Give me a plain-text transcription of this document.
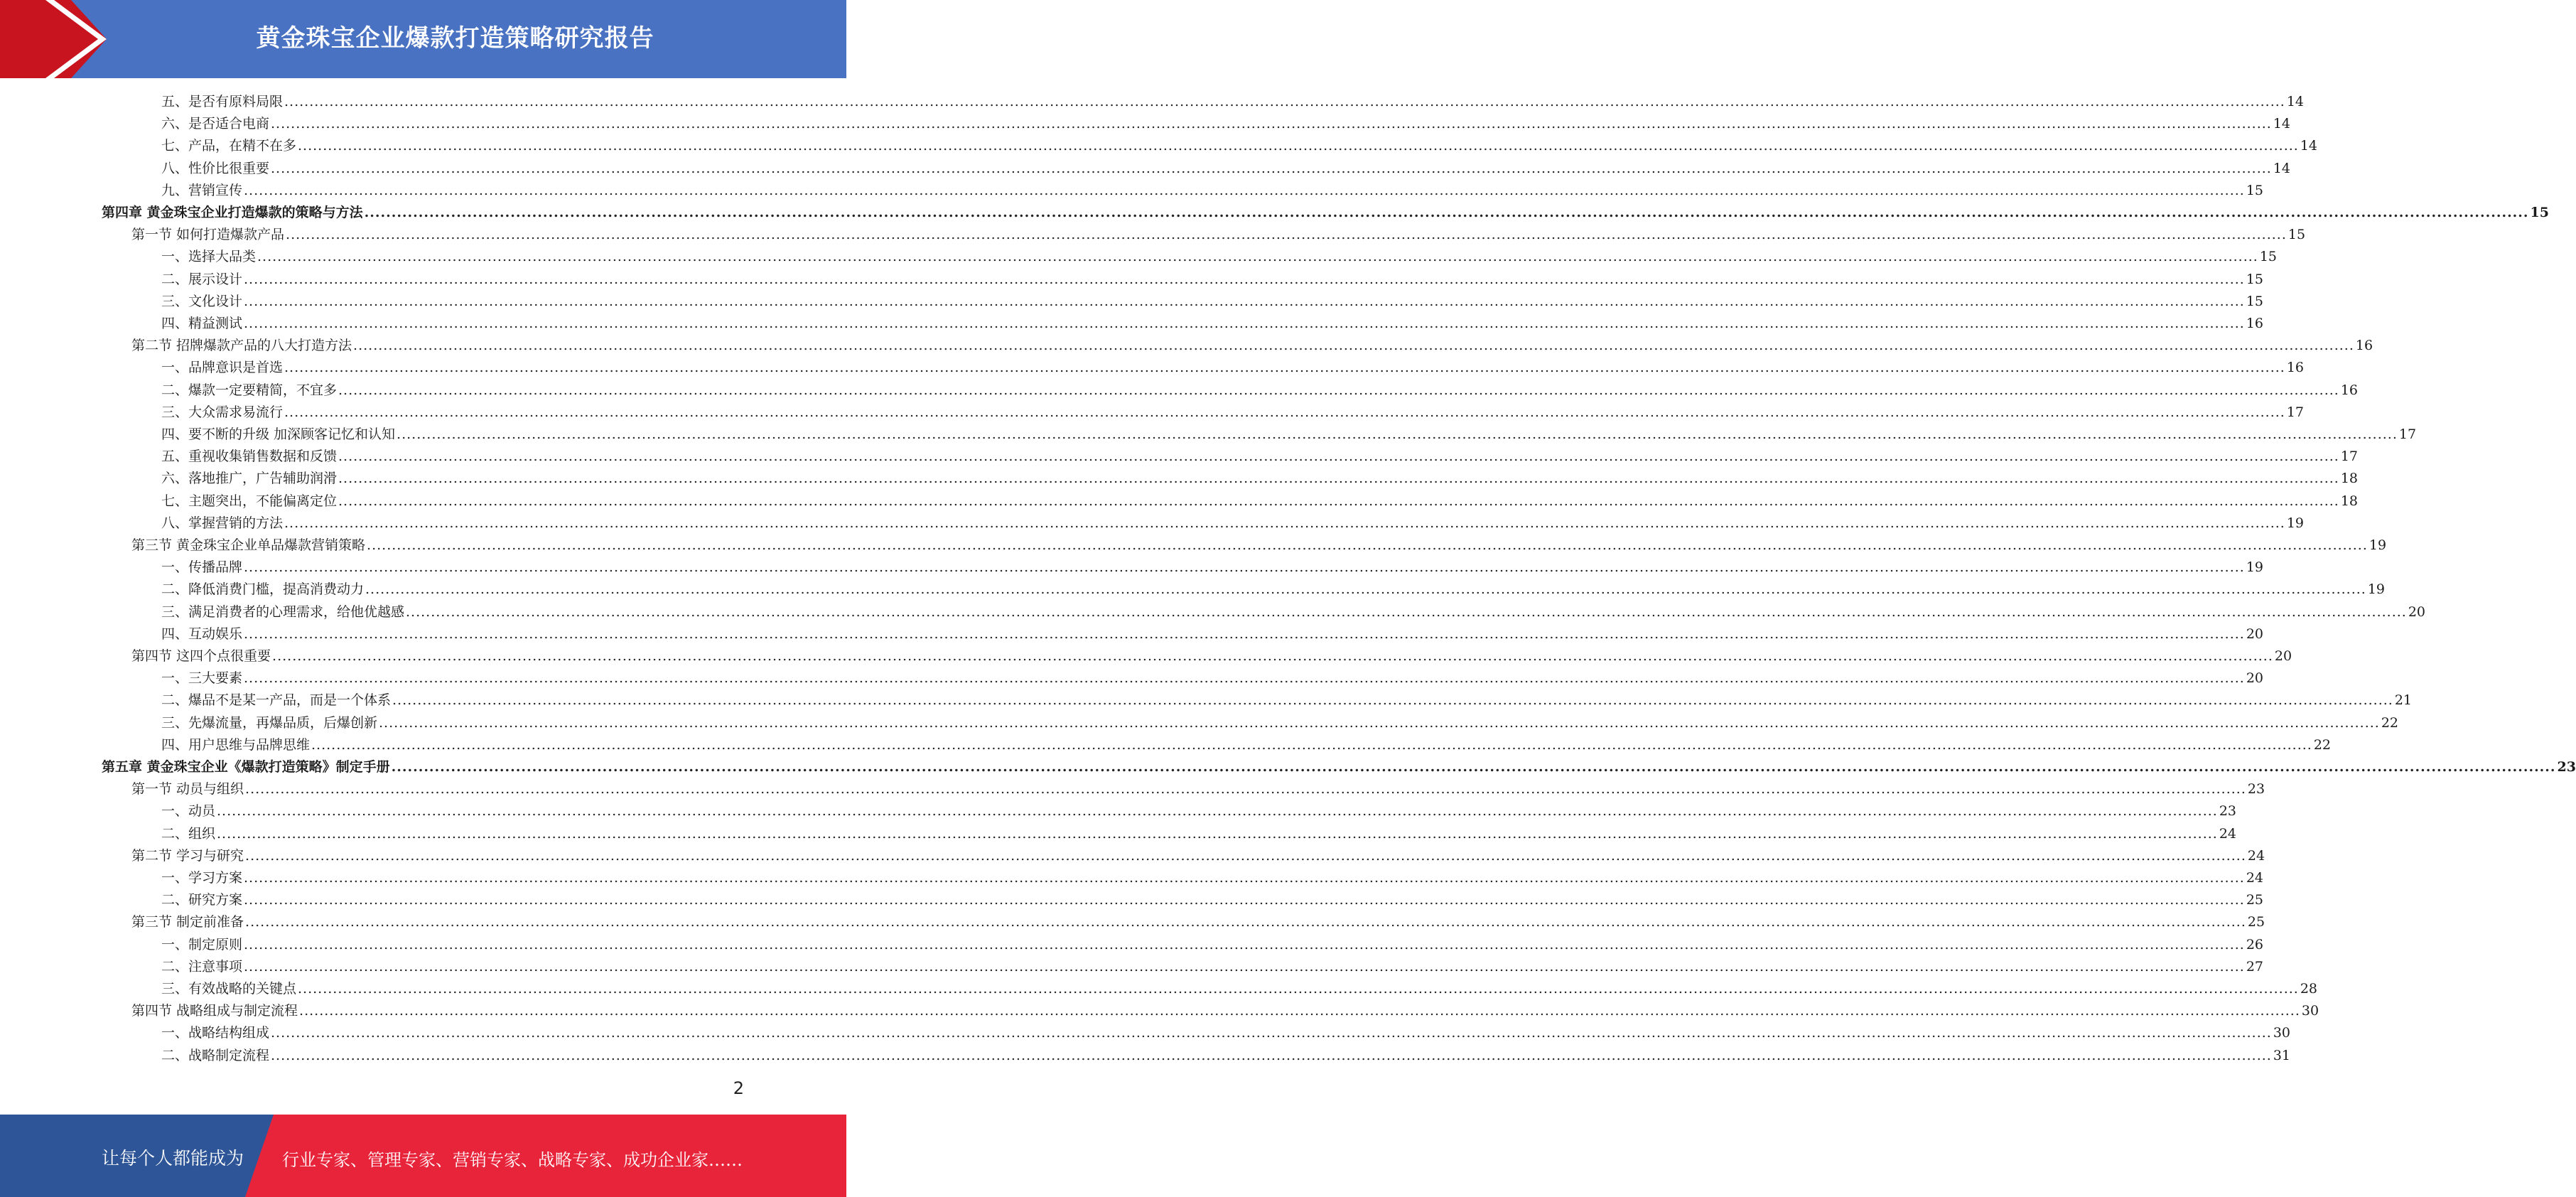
黄金珠宝企业爆款打造策略研究报告
五、是否有原料局限 ................................................................................................................................................................................................................................................................................................................................................................................................................ 14
六、是否适合电商 ................................................................................................................................................................................................................................................................................................................................................................................................................ 14
七、产品，在精不在多 ................................................................................................................................................................................................................................................................................................................................................................................................................ 14
八、性价比很重要 ................................................................................................................................................................................................................................................................................................................................................................................................................ 14
九、营销宣传 ................................................................................................................................................................................................................................................................................................................................................................................................................ 15
第四章 黄金珠宝企业打造爆款的策略与方法 ................................................................................................................................................................................................................................................................................................................................................................................................................ 15
第一节 如何打造爆款产品 ................................................................................................................................................................................................................................................................................................................................................................................................................ 15
一、选择大品类 ................................................................................................................................................................................................................................................................................................................................................................................................................ 15
二、展示设计 ................................................................................................................................................................................................................................................................................................................................................................................................................ 15
三、文化设计 ................................................................................................................................................................................................................................................................................................................................................................................................................ 15
四、精益测试 ................................................................................................................................................................................................................................................................................................................................................................................................................ 16
第二节 招牌爆款产品的八大打造方法 ................................................................................................................................................................................................................................................................................................................................................................................................................ 16
一、品牌意识是首选 ................................................................................................................................................................................................................................................................................................................................................................................................................ 16
二、爆款一定要精简，不宜多 ................................................................................................................................................................................................................................................................................................................................................................................................................ 16
三、大众需求易流行 ................................................................................................................................................................................................................................................................................................................................................................................................................ 17
四、要不断的升级 加深顾客记忆和认知 ................................................................................................................................................................................................................................................................................................................................................................................................................ 17
五、重视收集销售数据和反馈 ................................................................................................................................................................................................................................................................................................................................................................................................................ 17
六、落地推广，广告辅助润滑 ................................................................................................................................................................................................................................................................................................................................................................................................................ 18
七、主题突出，不能偏离定位 ................................................................................................................................................................................................................................................................................................................................................................................................................ 18
八、掌握营销的方法 ................................................................................................................................................................................................................................................................................................................................................................................................................ 19
第三节 黄金珠宝企业单品爆款营销策略 ................................................................................................................................................................................................................................................................................................................................................................................................................ 19
一、传播品牌 ................................................................................................................................................................................................................................................................................................................................................................................................................ 19
二、降低消费门槛，提高消费动力 ................................................................................................................................................................................................................................................................................................................................................................................................................ 19
三、满足消费者的心理需求，给他优越感 ................................................................................................................................................................................................................................................................................................................................................................................................................ 20
四、互动娱乐 ................................................................................................................................................................................................................................................................................................................................................................................................................ 20
第四节 这四个点很重要 ................................................................................................................................................................................................................................................................................................................................................................................................................ 20
一、三大要素 ................................................................................................................................................................................................................................................................................................................................................................................................................ 20
二、爆品不是某一产品，而是一个体系 ................................................................................................................................................................................................................................................................................................................................................................................................................ 21
三、先爆流量，再爆品质，后爆创新 ................................................................................................................................................................................................................................................................................................................................................................................................................ 22
四、用户思维与品牌思维 ................................................................................................................................................................................................................................................................................................................................................................................................................ 22
第五章 黄金珠宝企业《爆款打造策略》制定手册 ................................................................................................................................................................................................................................................................................................................................................................................................................ 23
第一节 动员与组织 ................................................................................................................................................................................................................................................................................................................................................................................................................ 23
一、动员 ................................................................................................................................................................................................................................................................................................................................................................................................................ 23
二、组织 ................................................................................................................................................................................................................................................................................................................................................................................................................ 24
第二节 学习与研究 ................................................................................................................................................................................................................................................................................................................................................................................................................ 24
一、学习方案 ................................................................................................................................................................................................................................................................................................................................................................................................................ 24
二、研究方案 ................................................................................................................................................................................................................................................................................................................................................................................................................ 25
第三节 制定前准备 ................................................................................................................................................................................................................................................................................................................................................................................................................ 25
一、制定原则 ................................................................................................................................................................................................................................................................................................................................................................................................................ 26
二、注意事项 ................................................................................................................................................................................................................................................................................................................................................................................................................ 27
三、有效战略的关键点 ................................................................................................................................................................................................................................................................................................................................................................................................................ 28
第四节 战略组成与制定流程 ................................................................................................................................................................................................................................................................................................................................................................................................................ 30
一、战略结构组成 ................................................................................................................................................................................................................................................................................................................................................................................................................ 30
二、战略制定流程 ................................................................................................................................................................................................................................................................................................................................................................................................................ 31
2
让每个人都能成为 行业专家、管理专家、营销专家、战略专家、成功企业家……
